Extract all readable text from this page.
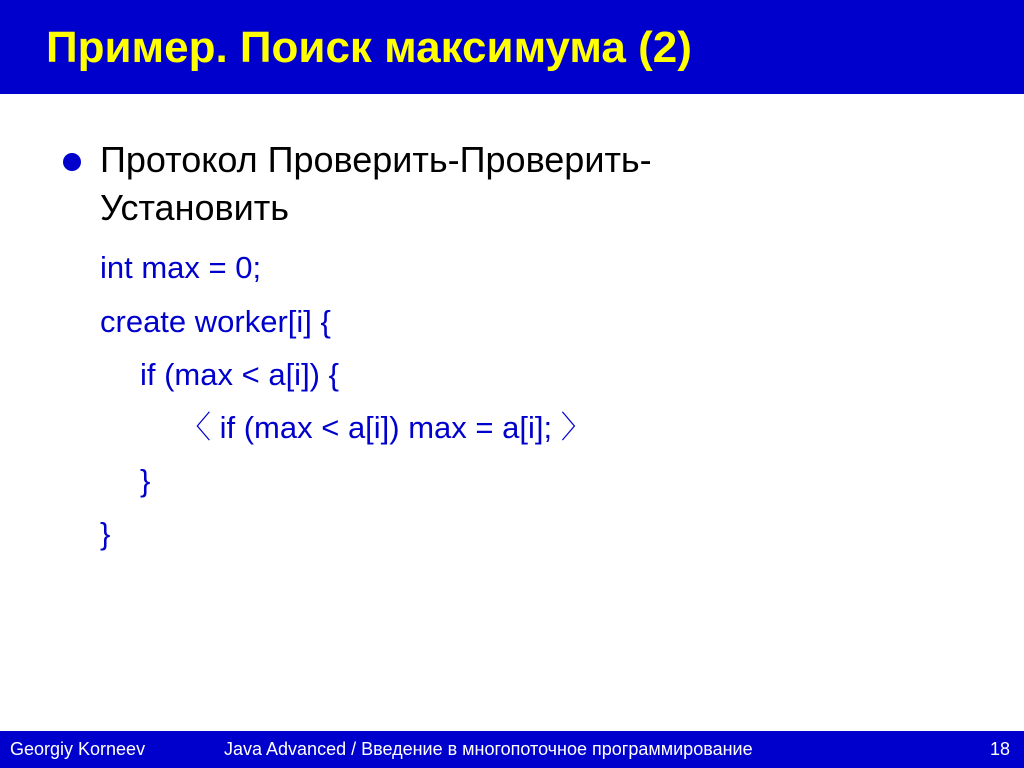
Пример. Поиск максимума (2)
Протокол Проверить-Проверить-Установить
int max = 0;
create worker[i] {
if (max < a[i]) {
〈 if (max < a[i]) max = a[i]; 〉
}
}
Georgiy Korneev	Java Advanced / Введение в многопоточное программирование	18
